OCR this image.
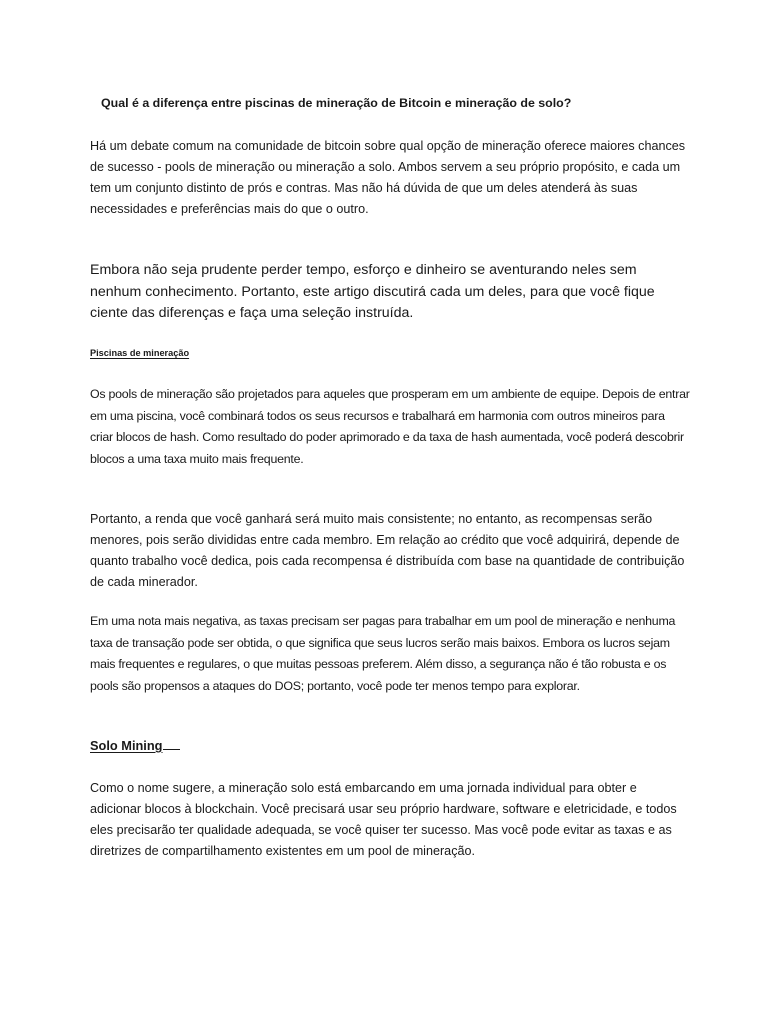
Qual é a diferença entre piscinas de mineração de Bitcoin e mineração de solo?

Há um debate comum na comunidade de bitcoin sobre qual opção de mineração oferece maiores chances de sucesso - pools de mineração ou mineração a solo. Ambos servem a seu próprio propósito, e cada um tem um conjunto distinto de prós e contras. Mas não há dúvida de que um deles atenderá às suas necessidades e preferências mais do que o outro.

Embora não seja prudente perder tempo, esforço e dinheiro se aventurando neles sem nenhum conhecimento. Portanto, este artigo discutirá cada um deles, para que você fique ciente das diferenças e faça uma seleção instruída.

Piscinas de mineração

Os pools de mineração são projetados para aqueles que prosperam em um ambiente de equipe. Depois de entrar em uma piscina, você combinará todos os seus recursos e trabalhará em harmonia com outros mineiros para criar blocos de hash. Como resultado do poder aprimorado e da taxa de hash aumentada, você poderá descobrir blocos a uma taxa muito mais frequente.

Portanto, a renda que você ganhará será muito mais consistente; no entanto, as recompensas serão menores, pois serão divididas entre cada membro. Em relação ao crédito que você adquirirá, depende de quanto trabalho você dedica, pois cada recompensa é distribuída com base na quantidade de contribuição de cada minerador.

Em uma nota mais negativa, as taxas precisam ser pagas para trabalhar em um pool de mineração e nenhuma taxa de transação pode ser obtida, o que significa que seus lucros serão mais baixos. Embora os lucros sejam mais frequentes e regulares, o que muitas pessoas preferem. Além disso, a segurança não é tão robusta e os pools são propensos a ataques do DOS; portanto, você pode ter menos tempo para explorar.

Solo Mining

Como o nome sugere, a mineração solo está embarcando em uma jornada individual para obter e adicionar blocos à blockchain. Você precisará usar seu próprio hardware, software e eletricidade, e todos eles precisarão ter qualidade adequada, se você quiser ter sucesso. Mas você pode evitar as taxas e as diretrizes de compartilhamento existentes em um pool de mineração.
